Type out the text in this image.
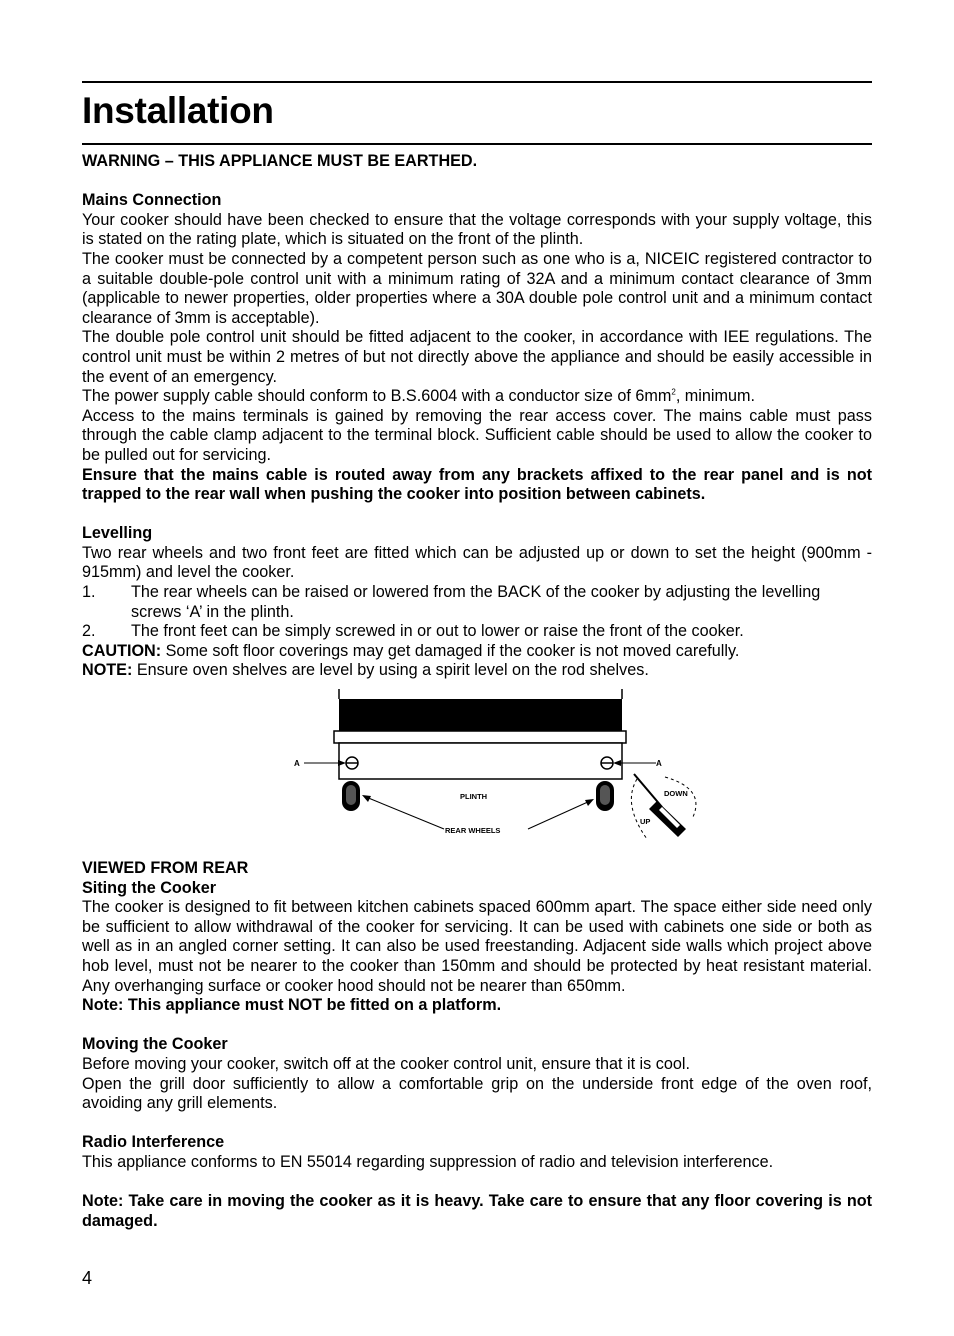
Installation

WARNING – THIS APPLIANCE MUST BE EARTHED.

Mains Connection

Your cooker should have been checked to ensure that the voltage corresponds with your supply voltage, this is stated on the rating plate, which is situated on the front of the plinth.

The cooker must be connected by a competent person such as one who is a, NICEIC registered contractor to a suitable double-pole control unit with a minimum rating of 32A and a minimum contact clearance of 3mm (applicable to newer properties, older properties where a 30A double pole control unit and a minimum contact clearance of 3mm is acceptable).

The double pole control unit should be fitted adjacent to the cooker, in accordance with IEE regulations. The control unit must be within 2 metres of but not directly above the appliance and should be easily accessible in the event of an emergency.

The power supply cable should conform to B.S.6004 with a conductor size of $6mm^2$, minimum.

Access to the mains terminals is gained by removing the rear access cover. The mains cable must pass through the cable clamp adjacent to the terminal block. Sufficient cable should be used to allow the cooker to be pulled out for servicing.

Ensure that the mains cable is routed away from any brackets affixed to the rear panel and is not trapped to the rear wall when pushing the cooker into position between cabinets.

Levelling

Two rear wheels and two front feet are fitted which can be adjusted up or down to set the height (900mm - 915mm) and level the cooker.

1.	The rear wheels can be raised or lowered from the BACK of the cooker by adjusting the levelling screws ‘A’ in the plinth.
2.	The front feet can be simply screwed in or out to lower or raise the front of the cooker.

CAUTION: Some soft floor coverings may get damaged if the cooker is not moved carefully.

NOTE: Ensure oven shelves are level by using a spirit level on the rod shelves.

A	A
PLINTH
REAR WHEELS
DOWN
UP

VIEWED FROM REAR

Siting the Cooker

The cooker is designed to fit between kitchen cabinets spaced 600mm apart. The space either side need only be sufficient to allow withdrawal of the cooker for servicing. It can be used with cabinets one side or both as well as in an angled corner setting. It can also be used freestanding. Adjacent side walls which project above hob level, must not be nearer to the cooker than 150mm and should be protected by heat resistant material. Any overhanging surface or cooker hood should not be nearer than 650mm.

Note: This appliance must NOT be fitted on a platform.

Moving the Cooker

Before moving your cooker, switch off at the cooker control unit, ensure that it is cool.

Open the grill door sufficiently to allow a comfortable grip on the underside front edge of the oven roof, avoiding any grill elements.

Radio Interference

This appliance conforms to EN 55014 regarding suppression of radio and television interference.

Note: Take care in moving the cooker as it is heavy. Take care to ensure that any floor covering is not damaged.

4
